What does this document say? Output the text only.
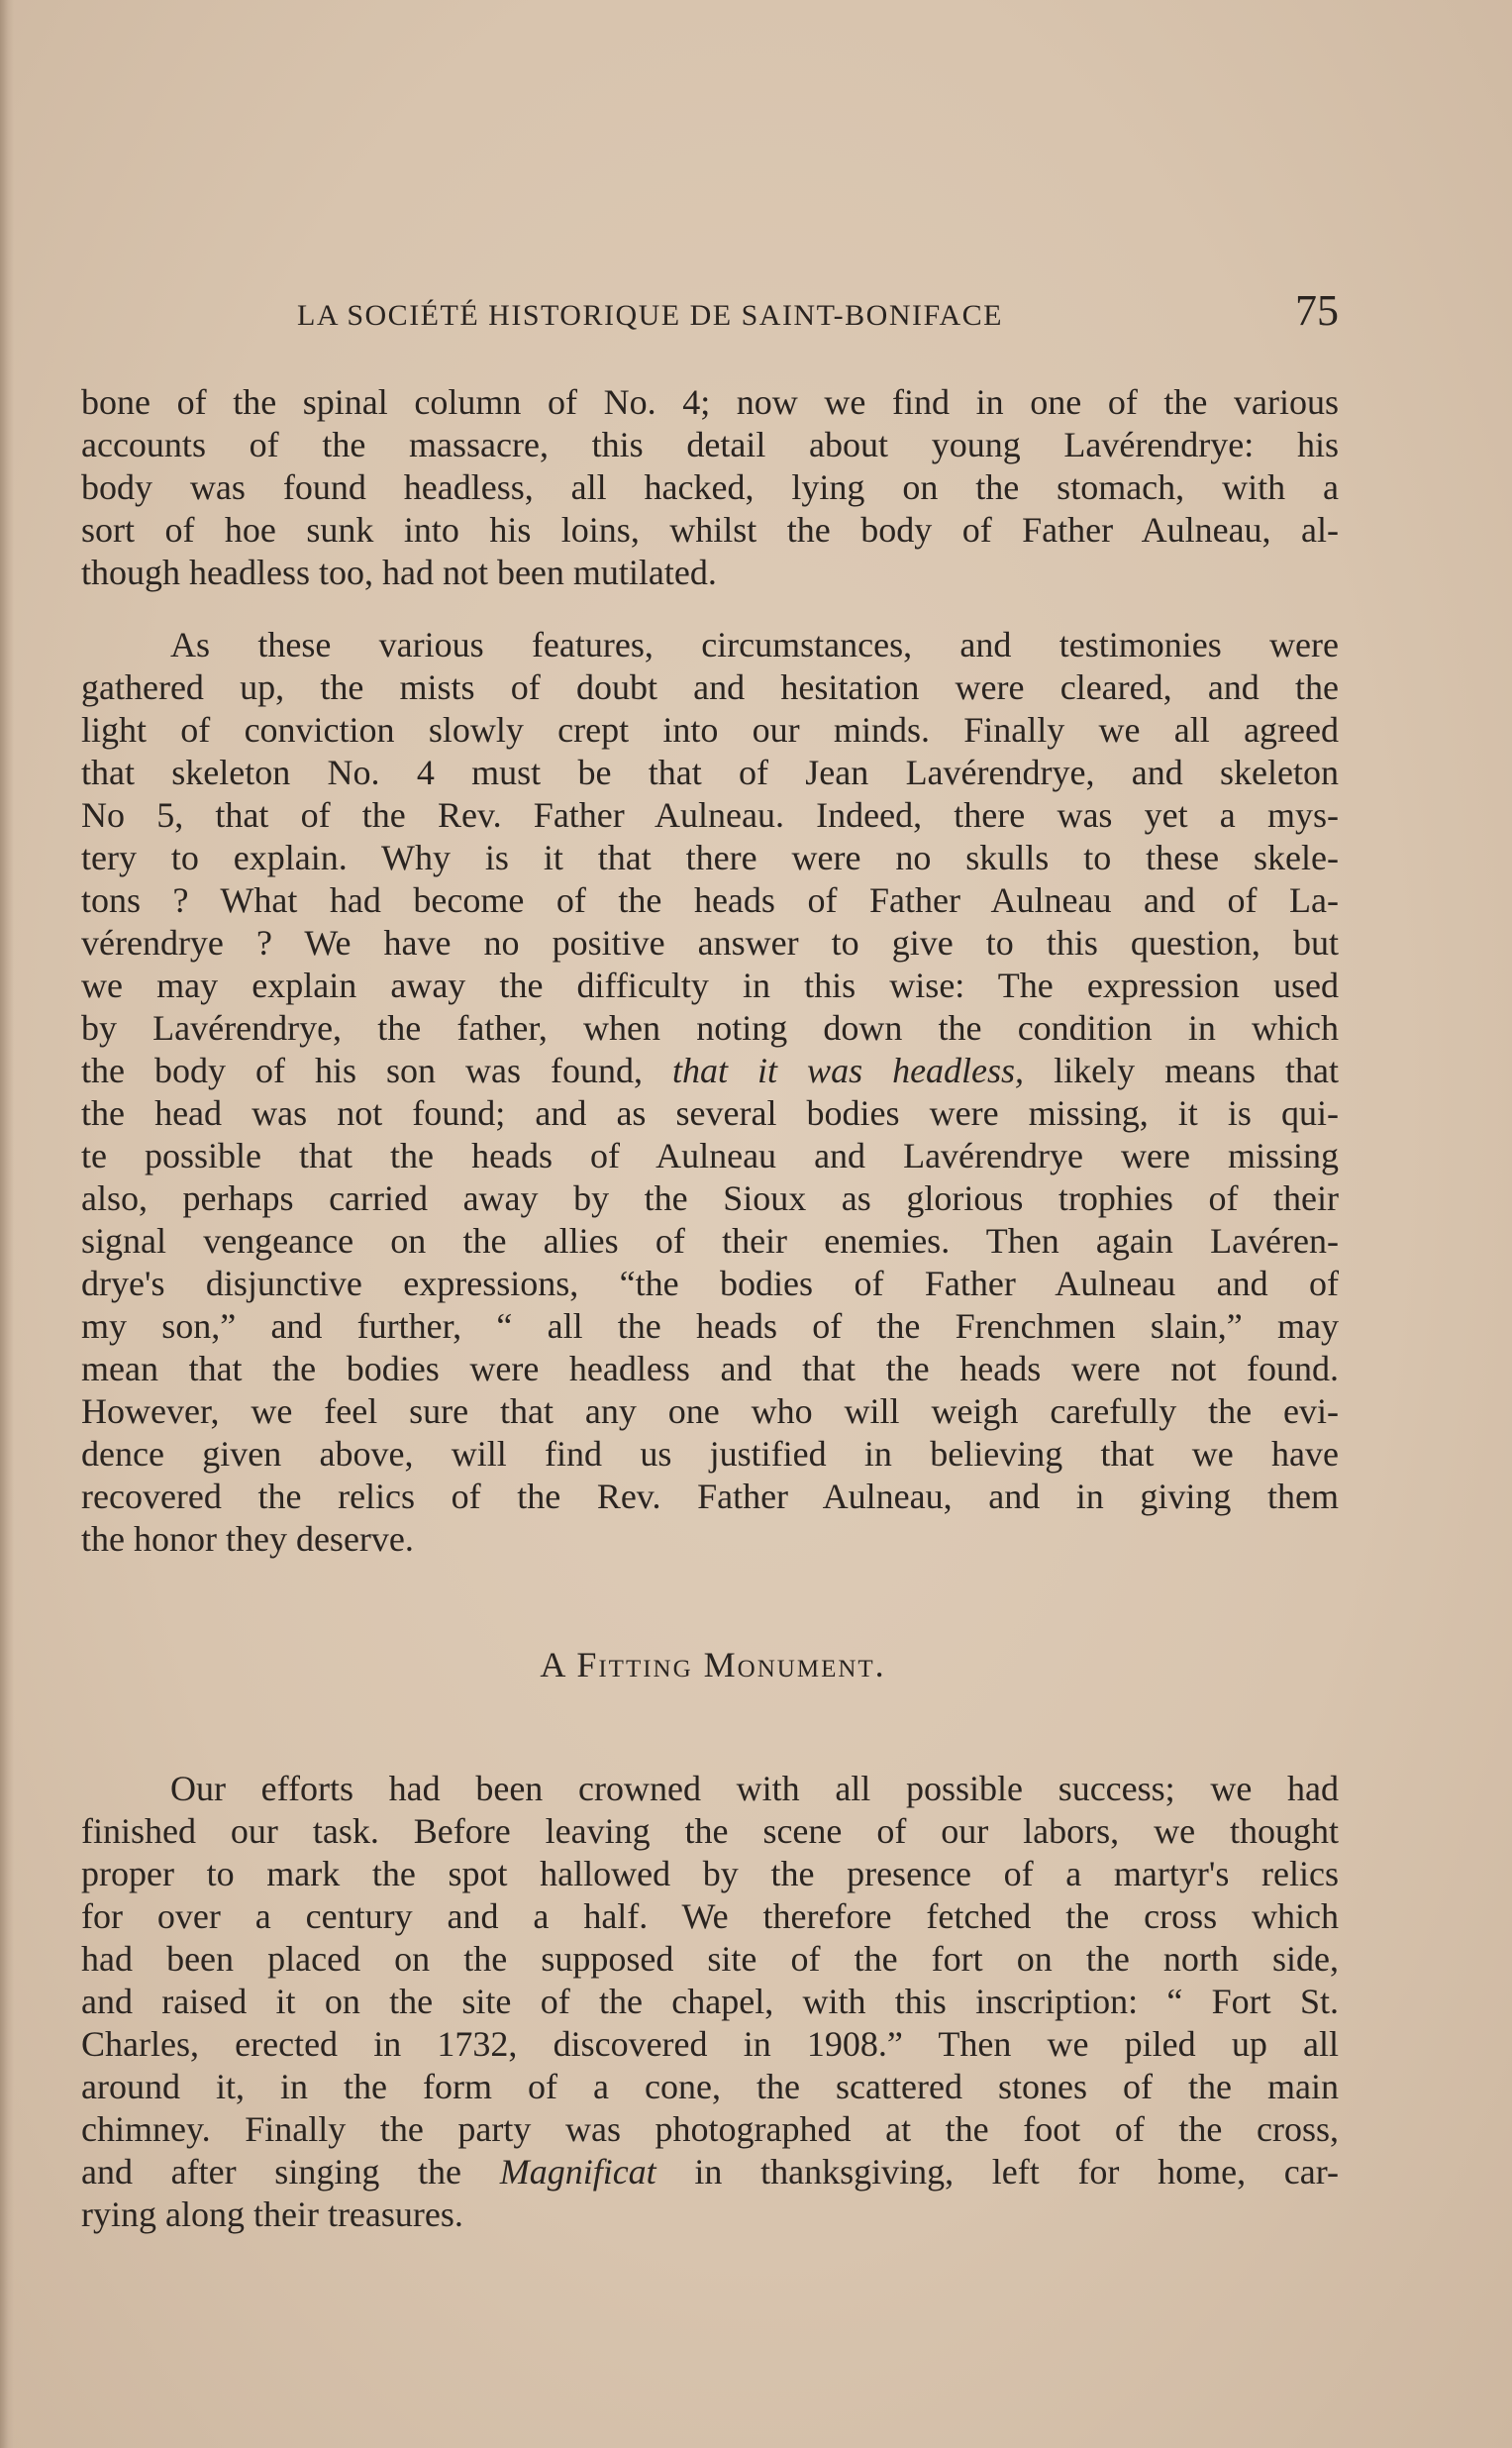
LA SOCIÉTÉ HISTORIQUE DE SAINT-BONIFACE	75

bone of the spinal column of No. 4; now we find in one of the various
accounts of the massacre, this detail about young Lavérendrye: his
body was found headless, all hacked, lying on the stomach, with a
sort of hoe sunk into his loins, whilst the body of Father Aulneau, al-
though headless too, had not been mutilated.

As these various features, circumstances, and testimonies were
gathered up, the mists of doubt and hesitation were cleared, and the
light of conviction slowly crept into our minds. Finally we all agreed
that skeleton No. 4 must be that of Jean Lavérendrye, and skeleton
No 5, that of the Rev. Father Aulneau. Indeed, there was yet a mys-
tery to explain. Why is it that there were no skulls to these skele-
tons ? What had become of the heads of Father Aulneau and of La-
vérendrye ? We have no positive answer to give to this question, but
we may explain away the difficulty in this wise: The expression used
by Lavérendrye, the father, when noting down the condition in which
the body of his son was found, that it was headless, likely means that
the head was not found; and as several bodies were missing, it is qui-
te possible that the heads of Aulneau and Lavérendrye were missing
also, perhaps carried away by the Sioux as glorious trophies of their
signal vengeance on the allies of their enemies. Then again Lavéren-
drye's disjunctive expressions, “the bodies of Father Aulneau and of
my son,” and further, “ all the heads of the Frenchmen slain,” may
mean that the bodies were headless and that the heads were not found.
However, we feel sure that any one who will weigh carefully the evi-
dence given above, will find us justified in believing that we have
recovered the relics of the Rev. Father Aulneau, and in giving them
the honor they deserve.

A Fitting Monument.

Our efforts had been crowned with all possible success; we had
finished our task. Before leaving the scene of our labors, we thought
proper to mark the spot hallowed by the presence of a martyr's relics
for over a century and a half. We therefore fetched the cross which
had been placed on the supposed site of the fort on the north side,
and raised it on the site of the chapel, with this inscription: “ Fort St.
Charles, erected in 1732, discovered in 1908.” Then we piled up all
around it, in the form of a cone, the scattered stones of the main
chimney. Finally the party was photographed at the foot of the cross,
and after singing the Magnificat in thanksgiving, left for home, car-
rying along their treasures.
